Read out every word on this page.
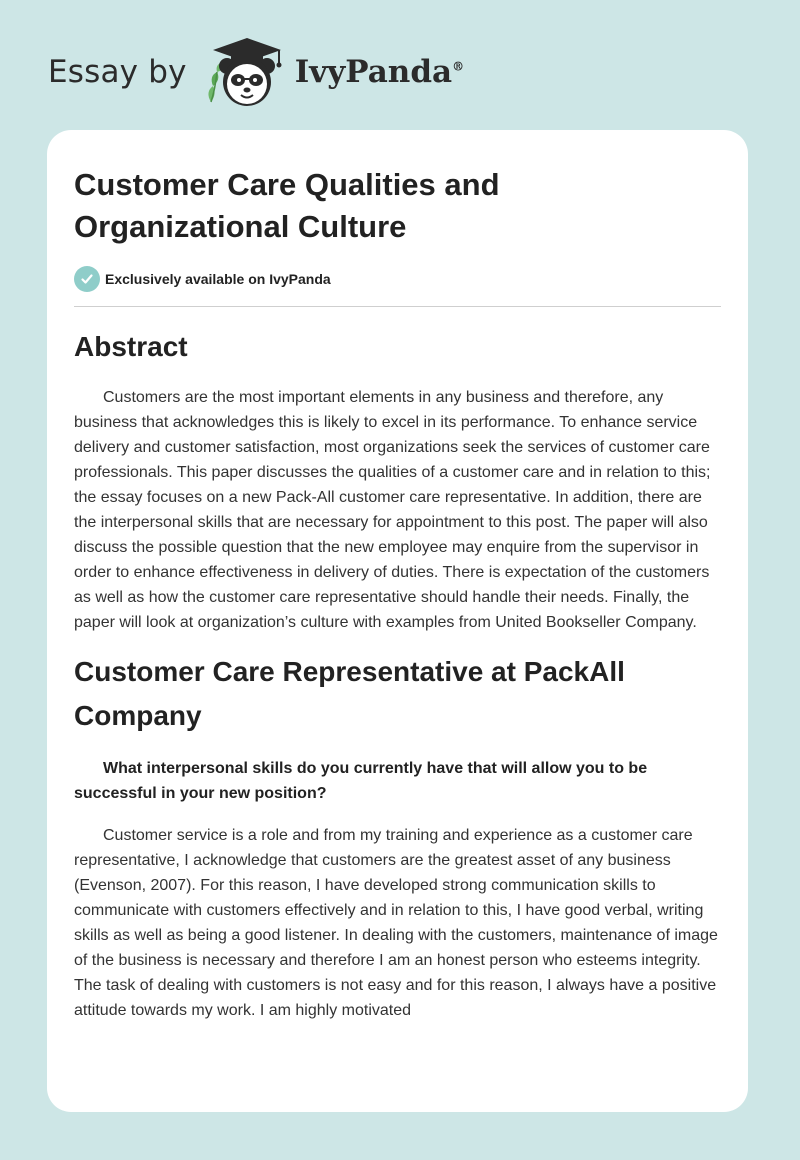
Essay by	IvyPanda®
Customer Care Qualities and Organizational Culture
Exclusively available on IvyPanda
Abstract

Customers are the most important elements in any business and therefore, any business that acknowledges this is likely to excel in its performance. To enhance service delivery and customer satisfaction, most organizations seek the services of customer care professionals. This paper discusses the qualities of a customer care and in relation to this; the essay focuses on a new Pack-All customer care representative. In addition, there are the interpersonal skills that are necessary for appointment to this post. The paper will also discuss the possible question that the new employee may enquire from the supervisor in order to enhance effectiveness in delivery of duties. There is expectation of the customers as well as how the customer care representative should handle their needs. Finally, the paper will look at organization’s culture with examples from United Bookseller Company.

Customer Care Representative at PackAll Company

What interpersonal skills do you currently have that will allow you to be successful in your new position?

Customer service is a role and from my training and experience as a customer care representative, I acknowledge that customers are the greatest asset of any business (Evenson, 2007). For this reason, I have developed strong communication skills to communicate with customers effectively and in relation to this, I have good verbal, writing skills as well as being a good listener. In dealing with the customers, maintenance of image of the business is necessary and therefore I am an honest person who esteems integrity. The task of dealing with customers is not easy and for this reason, I always have a positive attitude towards my work. I am highly motivated
